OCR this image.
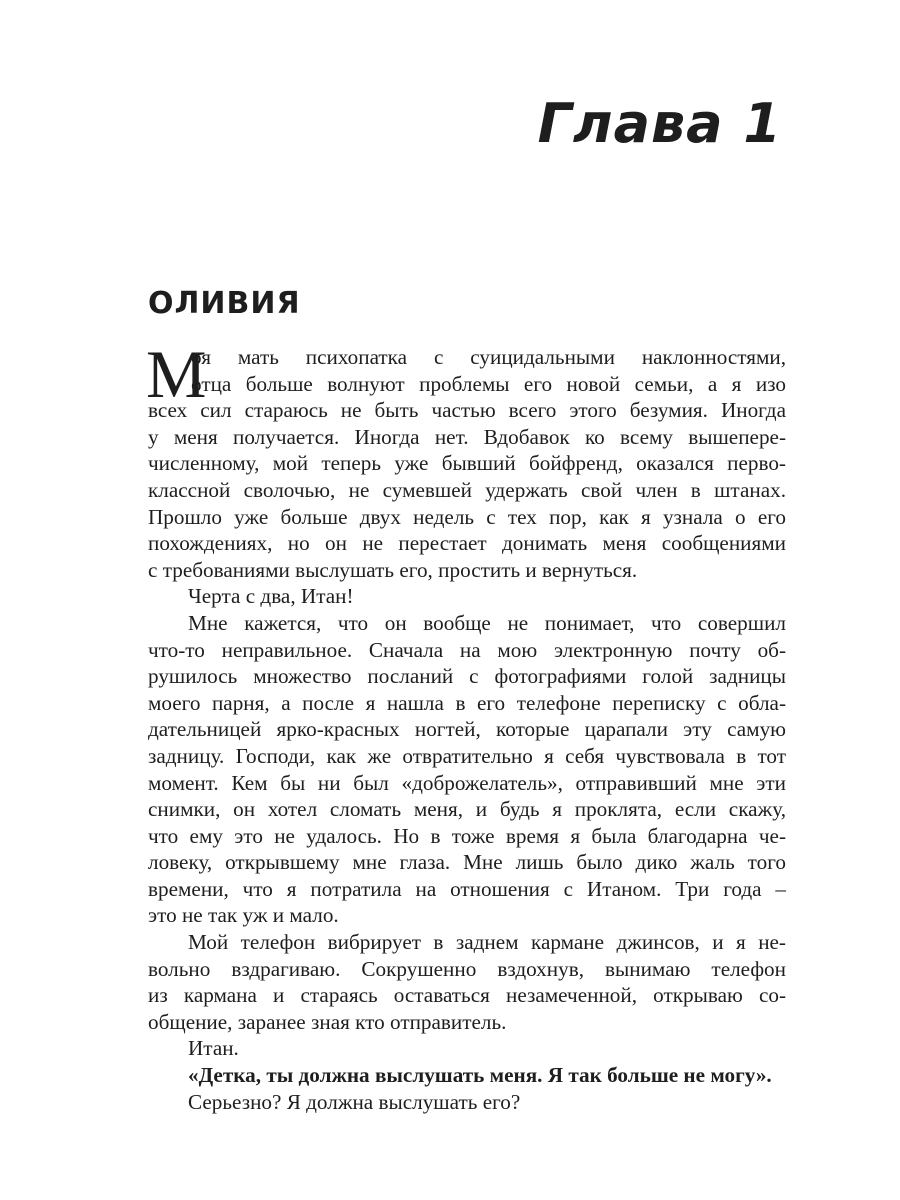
Глава 1
ОЛИВИЯ
М
оя мать психопатка с суицидальными наклонностями,
отца больше волнуют проблемы его новой семьи, а я изо
всех сил стараюсь не быть частью всего этого безумия. Иногда
у меня получается. Иногда нет. Вдобавок ко всему вышепере-
численному, мой теперь уже бывший бойфренд, оказался перво-
классной сволочью, не сумевшей удержать свой член в штанах.
Прошло уже больше двух недель с тех пор, как я узнала о его
похождениях, но он не перестает донимать меня сообщениями
с требованиями выслушать его, простить и вернуться.
Черта с два, Итан!
Мне кажется, что он вообще не понимает, что совершил
что-то неправильное. Сначала на мою электронную почту об-
рушилось множество посланий с фотографиями голой задницы
моего парня, а после я нашла в его телефоне переписку с обла-
дательницей ярко-красных ногтей, которые царапали эту самую
задницу. Господи, как же отвратительно я себя чувствовала в тот
момент. Кем бы ни был «доброжелатель», отправивший мне эти
снимки, он хотел сломать меня, и будь я проклята, если скажу,
что ему это не удалось. Но в тоже время я была благодарна че-
ловеку, открывшему мне глаза. Мне лишь было дико жаль того
времени, что я потратила на отношения с Итаном. Три года –
это не так уж и мало.
Мой телефон вибрирует в заднем кармане джинсов, и я не-
вольно вздрагиваю. Сокрушенно вздохнув, вынимаю телефон
из кармана и стараясь оставаться незамеченной, открываю со-
общение, заранее зная кто отправитель.
Итан.
«Детка, ты должна выслушать меня. Я так больше не могу».
Серьезно? Я должна выслушать его?
